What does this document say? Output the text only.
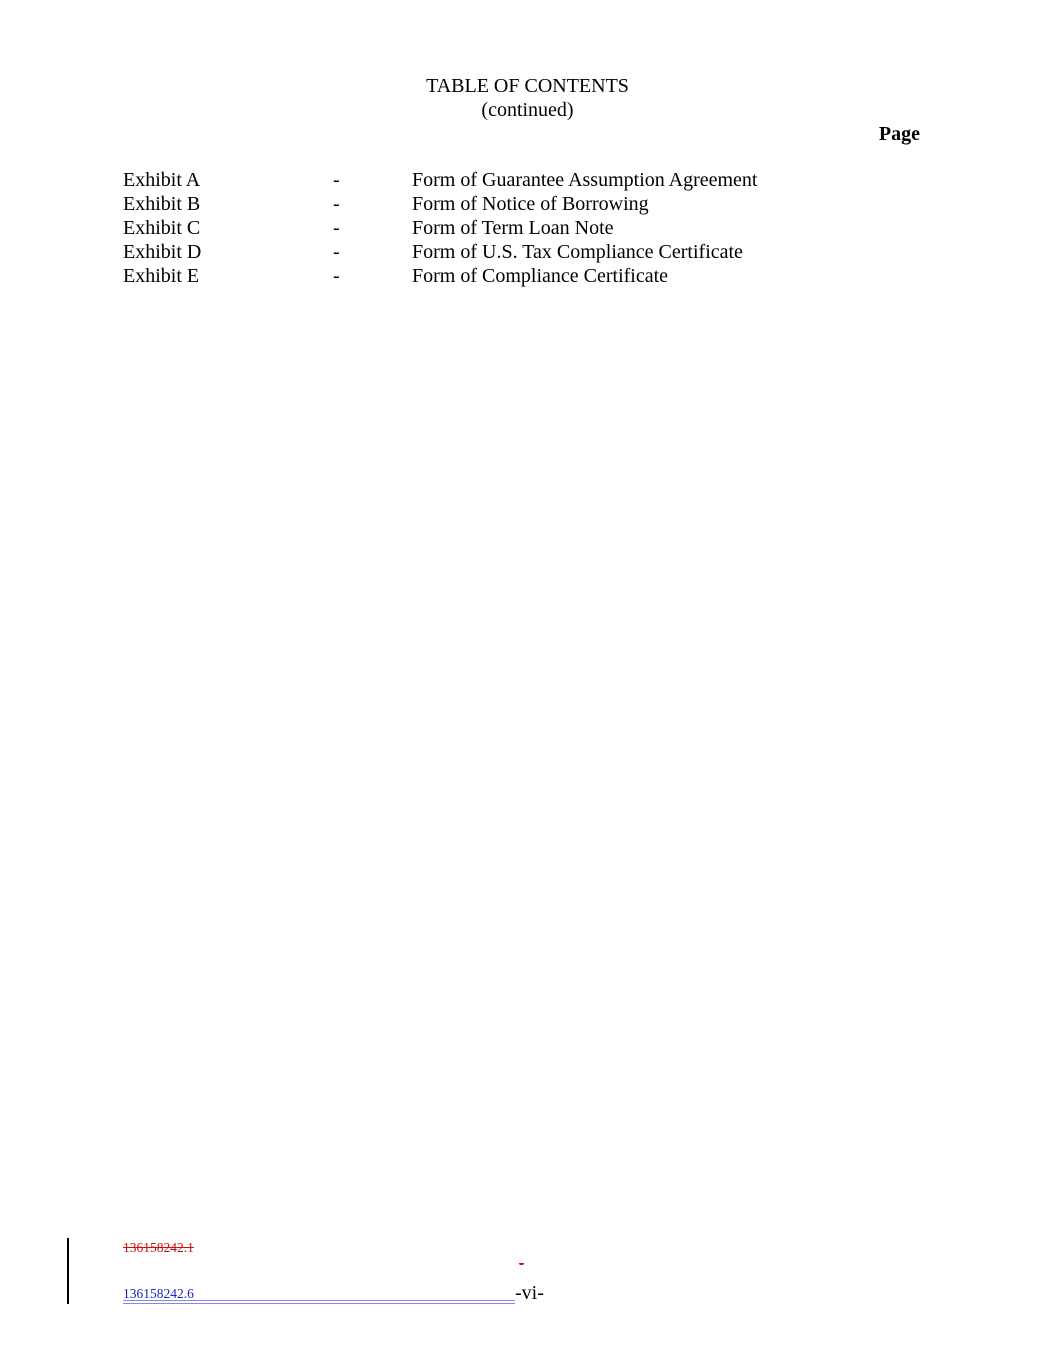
TABLE OF CONTENTS
(continued)
Page
Exhibit A	-	Form of Guarantee Assumption Agreement
Exhibit B	-	Form of Notice of Borrowing
Exhibit C	-	Form of Term Loan Note
Exhibit D	-	Form of U.S. Tax Compliance Certificate
Exhibit E	-	Form of Compliance Certificate
136158242.1
-
136158242.6	-vi-
